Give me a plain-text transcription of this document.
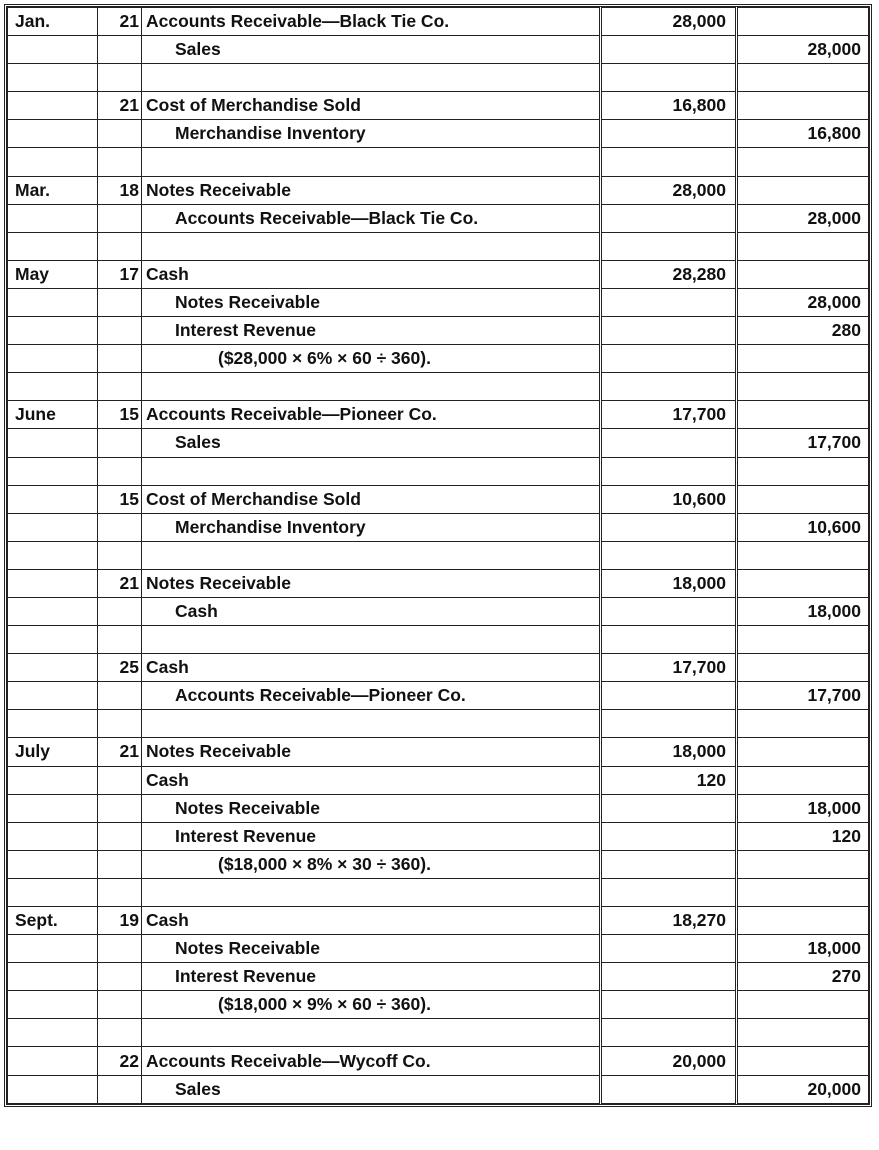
Jan.	21	Accounts Receivable—Black Tie Co.	28,000	
		Sales		28,000

	21	Cost of Merchandise Sold	16,800	
		Merchandise Inventory		16,800

Mar.	18	Notes Receivable	28,000	
		Accounts Receivable—Black Tie Co.		28,000

May	17	Cash	28,280	
		Notes Receivable		28,000
		Interest Revenue		280
		($28,000 × 6% × 60 ÷ 360).		

June	15	Accounts Receivable—Pioneer Co.	17,700	
		Sales		17,700

	15	Cost of Merchandise Sold	10,600	
		Merchandise Inventory		10,600

	21	Notes Receivable	18,000	
		Cash		18,000

	25	Cash	17,700	
		Accounts Receivable—Pioneer Co.		17,700

July	21	Notes Receivable	18,000	
		Cash	120	
		Notes Receivable		18,000
		Interest Revenue		120
		($18,000 × 8% × 30 ÷ 360).		

Sept.	19	Cash	18,270	
		Notes Receivable		18,000
		Interest Revenue		270
		($18,000 × 9% × 60 ÷ 360).		

	22	Accounts Receivable—Wycoff Co.	20,000	
		Sales		20,000
